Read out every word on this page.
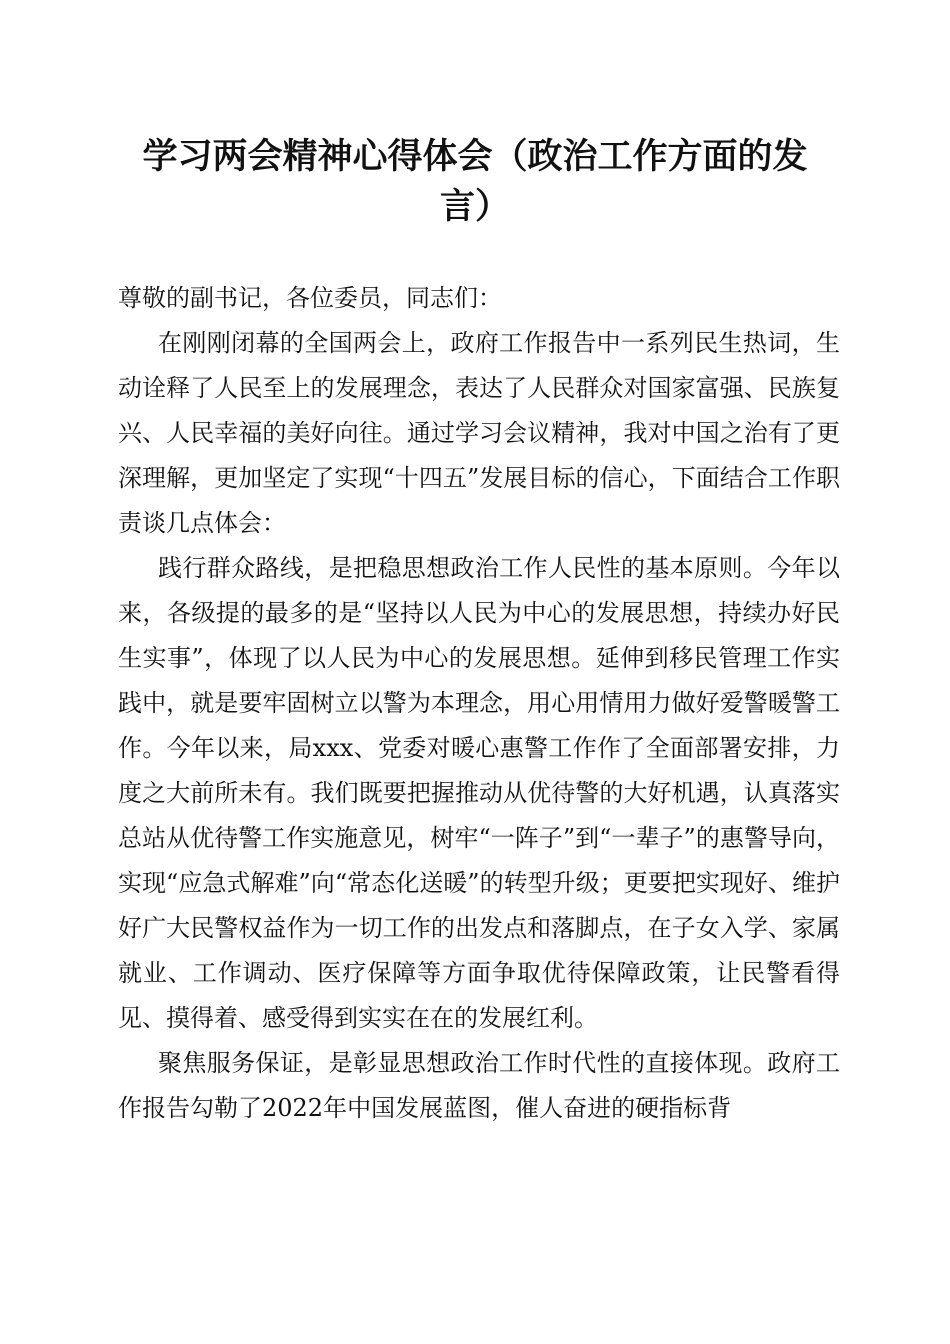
学习两会精神心得体会（政治工作方面的发言）

尊敬的副书记，各位委员，同志们：

在刚刚闭幕的全国两会上，政府工作报告中一系列民生热词，生动诠释了人民至上的发展理念，表达了人民群众对国家富强、民族复兴、人民幸福的美好向往。通过学习会议精神，我对中国之治有了更深理解，更加坚定了实现“十四五”发展目标的信心，下面结合工作职责谈几点体会：

践行群众路线，是把稳思想政治工作人民性的基本原则。今年以来，各级提的最多的是“坚持以人民为中心的发展思想，持续办好民生实事”，体现了以人民为中心的发展思想。延伸到移民管理工作实践中，就是要牢固树立以警为本理念，用心用情用力做好爱警暖警工作。今年以来，局xxx、党委对暖心惠警工作作了全面部署安排，力度之大前所未有。我们既要把握推动从优待警的大好机遇，认真落实总站从优待警工作实施意见，树牢“一阵子”到“一辈子”的惠警导向，实现“应急式解难”向“常态化送暖”的转型升级；更要把实现好、维护好广大民警权益作为一切工作的出发点和落脚点，在子女入学、家属就业、工作调动、医疗保障等方面争取优待保障政策，让民警看得见、摸得着、感受得到实实在在的发展红利。

聚焦服务保证，是彰显思想政治工作时代性的直接体现。政府工作报告勾勒了2022年中国发展蓝图，催人奋进的硬指标背
